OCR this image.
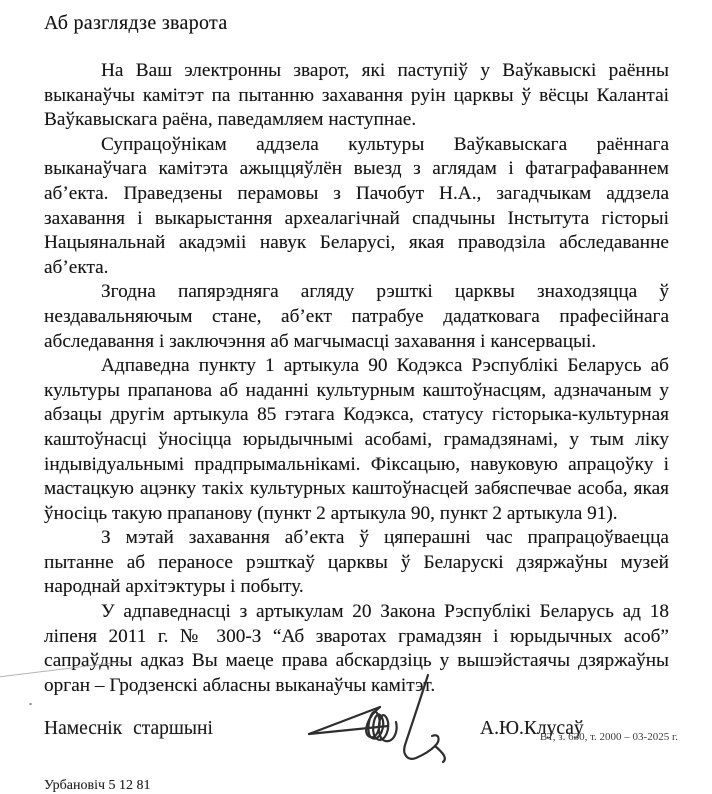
Аб разглядзе зварота

На Ваш электронны зварот, які паступіў у Ваўкавыскі раённы выканаўчы камітэт па пытанню захавання руін царквы ў вёсцы Калантаі Ваўкавыскага раёна, паведамляем наступнае.

Супрацоўнікам аддзела культуры Ваўкавыскага раённага выканаўчага камітэта ажыццяўлён выезд з аглядам і фатаграфаваннем аб’екта. Праведзены перамовы з Пачобут Н.А., загадчыкам аддзела захавання і выкарыстання археалагічнай спадчыны Інстытута гісторыі Нацыянальнай акадэміі навук Беларусі, якая праводзіла абследаванне аб’екта.

Згодна папярэдняга агляду рэшткі царквы знаходзяцца ў нездавальняючым стане, аб’ект патрабуе дадатковага прафесійнага абследавання і заключэння аб магчымасці захавання і кансервацыі.

Адпаведна пункту 1 артыкула 90 Кодэкса Рэспублікі Беларусь аб культуры прапанова аб наданні культурным каштоўнасцям, адзначаным у абзацы другім артыкула 85 гэтага Кодэкса, статусу гісторыка-культурная каштоўнасці ўносіцца юрыдычнымі асобамі, грамадзянамі, у тым ліку індывідуальнымі прадпрымальнікамі. Фіксацыю, навуковую апрацоўку і мастацкую ацэнку такіх культурных каштоўнасцей забяспечвае асоба, якая ўносіць такую прапанову (пункт 2 артыкула 90, пункт 2 артыкула 91).

З мэтай захавання аб’екта ў цяперашні час прапрацоўваецца пытанне аб пераносе рэшткаў царквы ў Беларускі дзяржаўны музей народнай архітэктуры і побыту.

У адпаведнасці з артыкулам 20 Закона Рэспублікі Беларусь ад 18 ліпеня 2011 г. № 300-З “Аб зваротах грамадзян і юрыдычных асоб” сапраўдны адказ Вы маеце права абскардзіць у вышэйстаячы дзяржаўны орган – Гродзенскі абласны выканаўчы камітэт.

Намеснік старшыні	А.Ю.Клусаў
Урбановіч 5 12 81
ВТ, з. 630, т. 2000 – 03-2025 г.
